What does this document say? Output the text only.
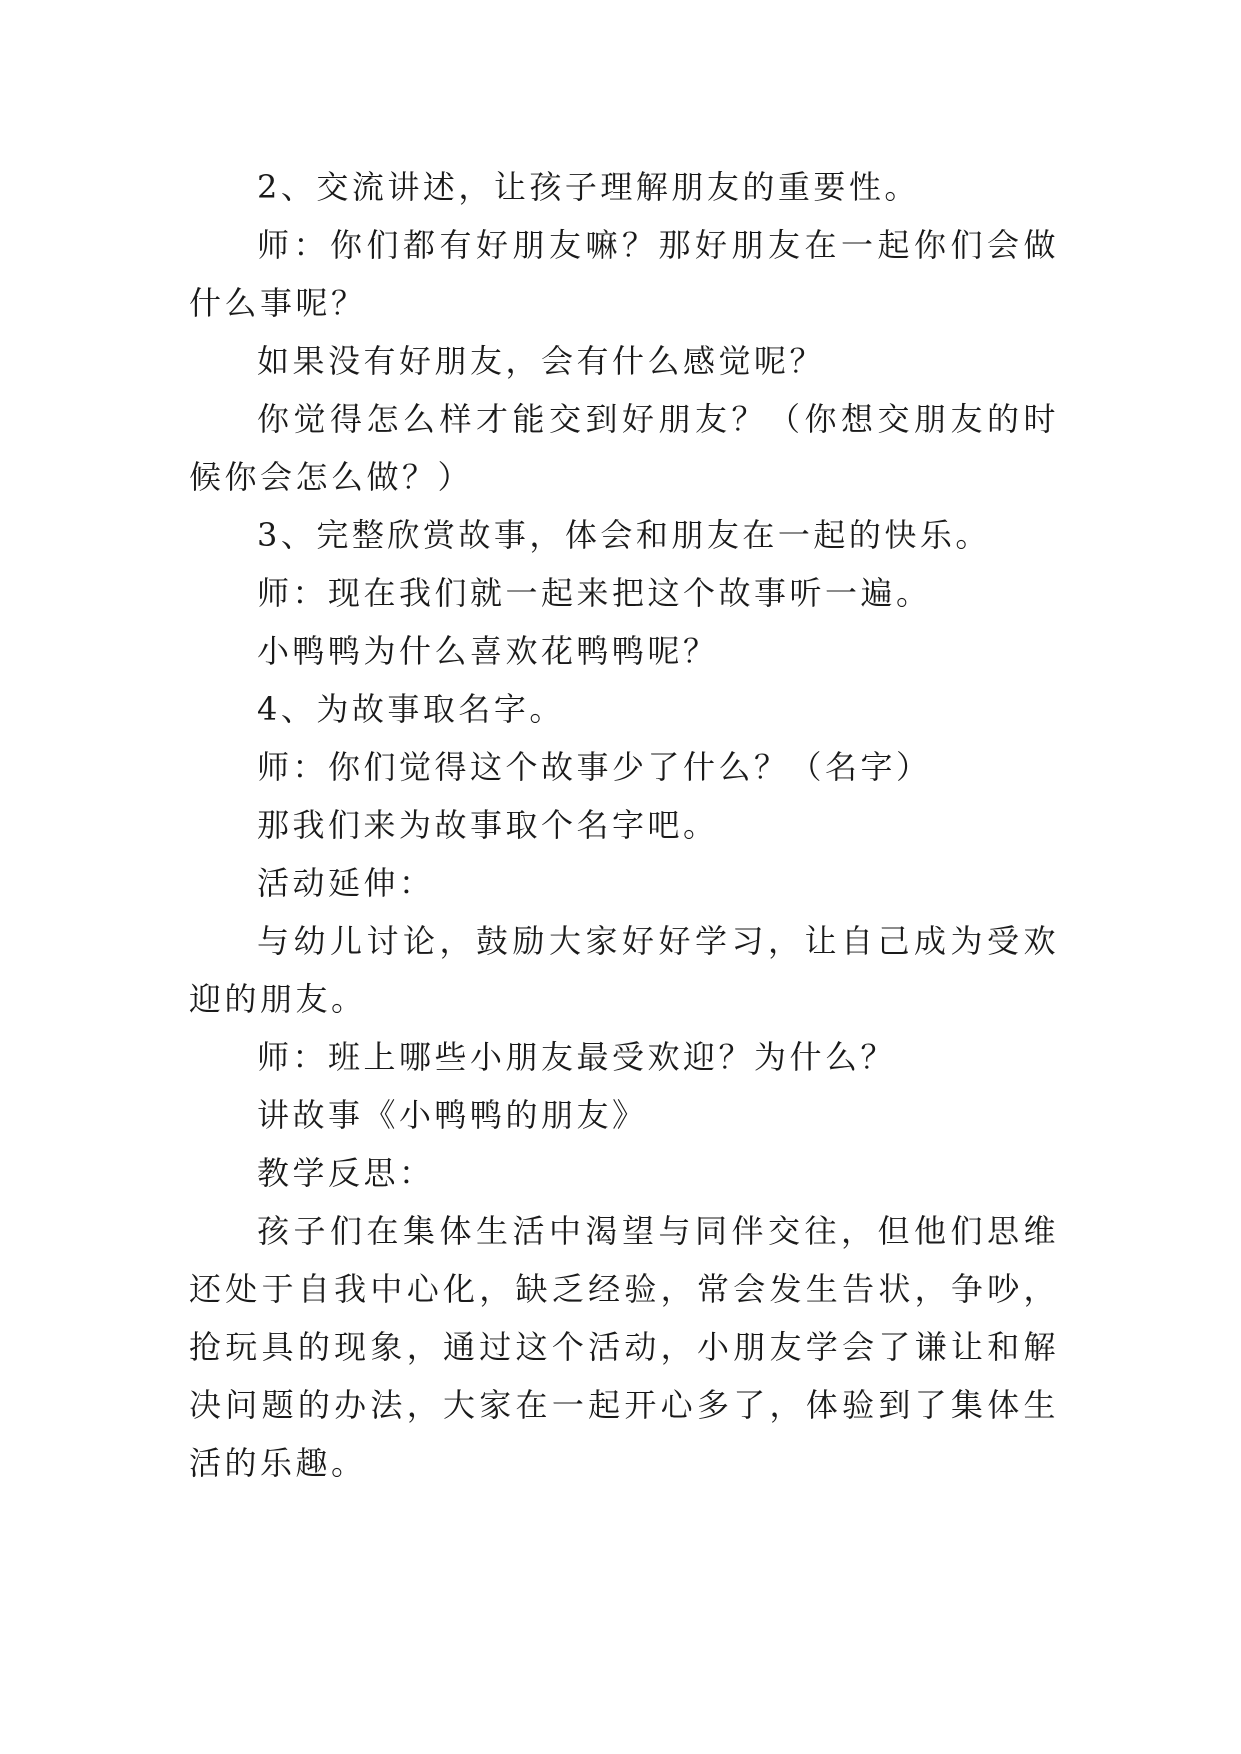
2、交流讲述，让孩子理解朋友的重要性。

师：你们都有好朋友嘛？那好朋友在一起你们会做什么事呢？

如果没有好朋友，会有什么感觉呢？

你觉得怎么样才能交到好朋友？（你想交朋友的时候你会怎么做？）

3、完整欣赏故事，体会和朋友在一起的快乐。

师：现在我们就一起来把这个故事听一遍。

小鸭鸭为什么喜欢花鸭鸭呢？

4、为故事取名字。

师：你们觉得这个故事少了什么？（名字）

那我们来为故事取个名字吧。

活动延伸：

与幼儿讨论，鼓励大家好好学习，让自己成为受欢迎的朋友。

师：班上哪些小朋友最受欢迎？为什么？

讲故事《小鸭鸭的朋友》

教学反思：

孩子们在集体生活中渴望与同伴交往，但他们思维还处于自我中心化，缺乏经验，常会发生告状，争吵，抢玩具的现象，通过这个活动，小朋友学会了谦让和解决问题的办法，大家在一起开心多了，体验到了集体生活的乐趣。
